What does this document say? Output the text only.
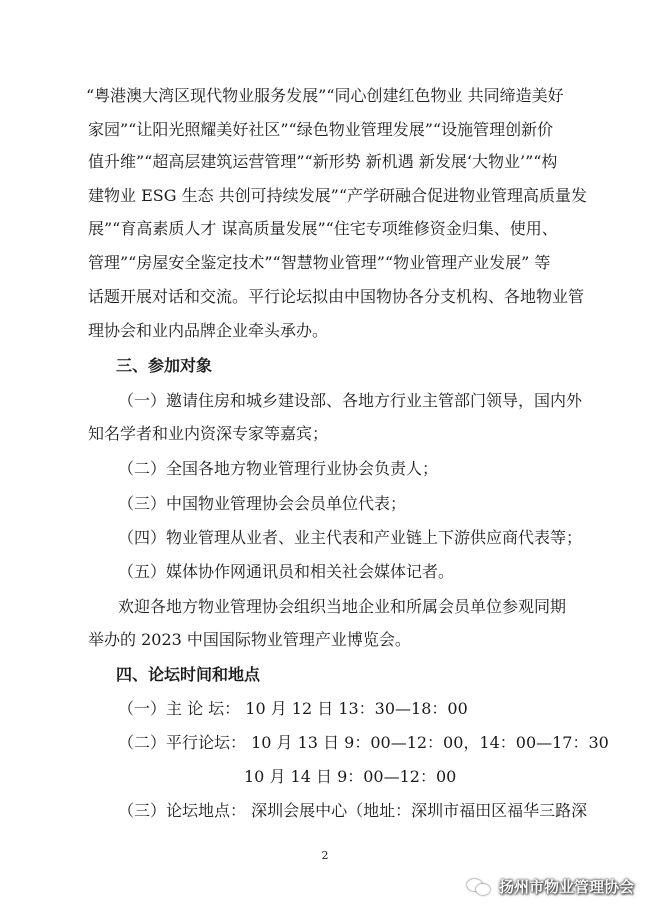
“粤港澳大湾区现代物业服务发展”“同心创建红色物业 共同缔造美好
家园”“让阳光照耀美好社区”“绿色物业管理发展”“设施管理创新价
值升维”“超高层建筑运营管理”“新形势 新机遇 新发展‘大物业’”“构
建物业 ESG 生态 共创可持续发展”“产学研融合促进物业管理高质量发
展”“育高素质人才 谋高质量发展”“住宅专项维修资金归集、使用、
管理”“房屋安全鉴定技术”“智慧物业管理”“物业管理产业发展” 等
话题开展对话和交流。平行论坛拟由中国物协各分支机构、各地物业管
理协会和业内品牌企业牵头承办。
三、参加对象
（一）邀请住房和城乡建设部、各地方行业主管部门领导，国内外
知名学者和业内资深专家等嘉宾；
（二）全国各地方物业管理行业协会负责人；
（三）中国物业管理协会会员单位代表；
（四）物业管理从业者、业主代表和产业链上下游供应商代表等；
（五）媒体协作网通讯员和相关社会媒体记者。
欢迎各地方物业管理协会组织当地企业和所属会员单位参观同期
举办的 2023 中国国际物业管理产业博览会。
四、论坛时间和地点
（一）主 论 坛： 10 月 12 日 13：30—18：00
（二）平行论坛： 10 月 13 日 9：00—12：00，14：00—17：30
10 月 14 日 9：00—12：00
（三）论坛地点： 深圳会展中心（地址：深圳市福田区福华三路深
2
扬州市物业管理协会
